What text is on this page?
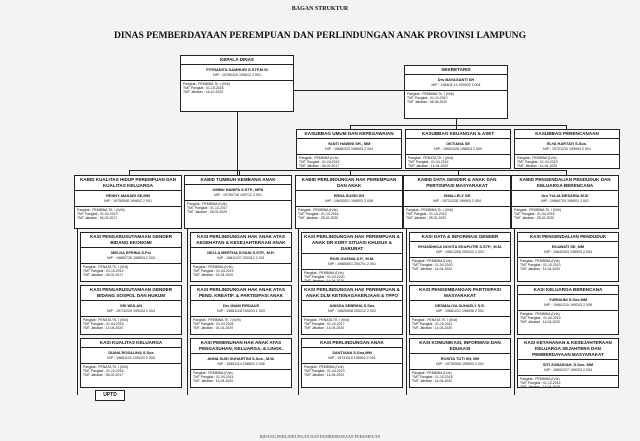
BAGAN STRUKTUR
DINAS PEMBERDAYAAN PEREMPUAN DAN PERLINDUNGAN ANAK PROVINSI LAMPUNG
KEPALA DINAS
FITRIANITA DAMHURI S.STP,M.Si
NIP : 19780419 199612 2 001
Pangkat : PEMBINA Tk. I (IV/b)
TMT Pangkat : 01-10-2018
TMT Jabatan : 16-10-2020
SEKRETARIS
Drs BAYAGANTI SH
NIP : 196404 13 199203 1 004
Pangkat : PEMBINA Tk. I (IV/b)
TMT Pangkat : 01-10-2010
TMT Jabatan : 08-05-2020
KASUBBAG UMUM DAN KEPEGAWAIAN
YANTI HAWINI SH., MM
NIP : 19680322 198903 2 004
Pangkat : PEMBINA (IV/a)
TMT Pangkat : 01-04-2019
TMT Jabatan : 06-02-2017
KASUBBAG KEUANGAN & ASET
OKTIANA SE
NIP : 19651028 198603 2 009
Pangkat : PENATA TK. I (III/d)
TMT Pangkat : 01-04-2014
TMT Jabatan : 14-04-2020
KASUBBAG PERENCANAAN
ELYA HARTATI S.Sos.
NIP : 19721210 199503 2 001
Pangkat : PEMBINA (IV/a)
TMT Pangkat : 01-04-2019
TMT Jabatan : 14-04-2020
KABID KUALITAS HIDUP PEREMPUAN DAN KUALITAS KELUARGA
RENNY MASARI SE,MM
NIP : 19750508 199602 2 001
Pangkat : PEMBINA TK. I (IV/b)
TMT Pangkat : 01-04-2019
TMT Jabatan : 06-02-2017
KABID TUMBUH KEMBANG ANAK
UMMU HANIFA S.STP., MPA
NIP : 19790718 199712 2 001
Pangkat : PEMBINA (IV/a)
TMT Pangkat : 01-10-2017
TMT Jabatan : 28-02-2020
KABID PERLINDUNGAN HAK PEREMPUAN DAN ANAK
ERNA SUSDI SH
NIP : 19630921 198903 2 008
Pangkat : PEMBINA (IV/a)
TMT Pangkat : 01-10-2016
TMT Jabatan : 28-02-2020
KABID DATA GENDER & ANAK DAN PERTISIPASI MASYARAKAT
ISMA LELY SE
NIP : 19731228 199903 2 004
Pangkat : PEMBINA Tk. I (IV/b)
TMT Pangkat : 01-10-2019
TMT Jabatan : 28-02-2020
KABID PENGENDALIAN PENDUDUK DAN KELUARGA BERENCANA
Drs YULIA MESARIA M.Si
NIP : 19660729 198901 2 001
Pangkat : PEMBINA Tk. I (IV/b)
TMT Pangkat : 01-04-2016
TMT Jabatan : 28-02-2020
KASI PENGARUSUTAMAAN GENDER BIDANG EKONOMI
MELDA EFRINA S.Psi
NIP : 19650726 198503 2 003
Pangkat : PENATA TK. I (III/d)
TMT Pangkat : 01-10-2012
TMT Jabatan : 06-02-2017
KASI PENGARUSUTAMAAN GENDER BIDANG SOSPOL DAN HUKUM
SRI WULAN
NIP : 19710220 199103 2 004
Pangkat : PENATA TK. I (III/d)
TMT Pangkat : 01-04-2018
TMT Jabatan : 14-04-2020
KASI KUALITAS KELUARGA
DIANA ROSALINA S.Sos
NIP : 19661121 199203 2 005
Pangkat : PENATA TK. I (III/d)
TMT Pangkat : 01-10-2016
TMT Jabatan : 06-02-2017
KASI PERLINDUNGAN HAK ANAK ATAS KESEHATAN & KESEJAHTERAAN ANAK
NELLA MERTHA DIYANI S.STP., M.H.
NIP : 19811227 200312 2 001
Pangkat : PEMBINA (IV/a)
TMT Pangkat : 01-04-2019
TMT Jabatan : 14-04-2020
KASI PERLINDUNGAN HAK ANAK ATAS PEND. KREATIF. & PARTISIPASI ANAK
Drs IMAM FIRDAUS
NIP : 19681128 199203 1 003
Pangkat : PEMBINA TK. I (IV/b)
TMT Pangkat : 01-04-2004
TMT Jabatan : 01-01-2020
KASI PEMENUHAN HAK ANAK ATAS PENGASUHAN, KELUARGA, & LINGK.
ANNA SUSI SUHARTINI S.Sos., M.M.
NIP : 19651114 198603 2 008
Pangkat : PEMBINA (IV/a)
TMT Pangkat : 01-04-2014
TMT Jabatan : 14-04-2020
KASI PERLINDUNGAN HAK PEREMPUAN & ANAK DR KDRT SITUASI KHUSUS & DARURAT
ROSI GUSNIA S.P., M.M.
NIP : 19880801 200701 2 001
Pangkat : PEMBINA (IV/a)
TMT Pangkat : 01-04-2020
TMT Jabatan : 14-04-2020
KASI PERLINDUNGAN HAK PEREMPUAN & ANAK DLM KETENAGAKERJAAN & TPPO
ANISSA SEBRINA S.Sos
NIP : 19820908 200212 2 002
Pangkat : PENATA TK. I (III/d)
TMT Pangkat : 01-10-2017
TMT Jabatan : 14-04-2020
KASI PERLINDUNGAN ANAK
SANTIANA S.Sos,MM
NIP : 19741119 199902 2 001
Pangkat : PEMBINA (IV/a)
TMT Pangkat : 01-04-2019
TMT Jabatan : 14-04-2020
KASI DATA & INFORMASI GENDER
RIYANDHICA NOVITA EKAPUTRI S.STP., M.M.
NIP : 19821206 200312 2 002
Pangkat : PEMBINA (IV/a)
TMT Pangkat : 01-04-2020
TMT Jabatan : 14-04-2020
KASI PENGEMBANGAN PARTISIPASI MASYARAKAT
DESMALIYA SUHAELY S.E.
NIP : 19661221 198908 2 001
Pangkat : PENATA TK. I (III/d)
TMT Pangkat : 01-10-2011
TMT Jabatan : 14-04-2020
KASI KOMUNIKASI, INFORMASI DAN EDUKASI
ROSITA TUTI SH, MH
NIP : 19730506 199503 2 001
Pangkat : PEMBINA (IV/a)
TMT Pangkat : 01-10-2018
TMT Jabatan : 14-04-2020
KASI PENGENDALIAN PENDUDUK
EKAWATI SE, MM
NIP : 19640303 198503 2 004
Pangkat : PEMBINA (IV/a)
TMT Pangkat : 01-10-2013
TMT Jabatan : 14-04-2020
KASI KELUARGA BERENCANA
YURNAINI S.Sos.MM
NIP : 19661215 199203 2 008
Pangkat : PEMBINA (IV/a)
TMT Pangkat : 01-04-2019
TMT Jabatan : 14-04-2020
KASI KETAHANAN & KESEJAHTERAAN KELUARGA SEJAHTERA DAN PEMBERDAYAAN MASYARAKAT
SITI ZUBAIDAH ,S.Sos, MM
NIP : 19691227 199203 2 003
Pangkat : PEMBINA (IV/a)
TMT Pangkat : 01-10-2014
TMT Jabatan : 14-04-2020
UPTD
BIDANG PERLINDUNGAN DAN PEMBERDAYAAN PEREMPUAN
